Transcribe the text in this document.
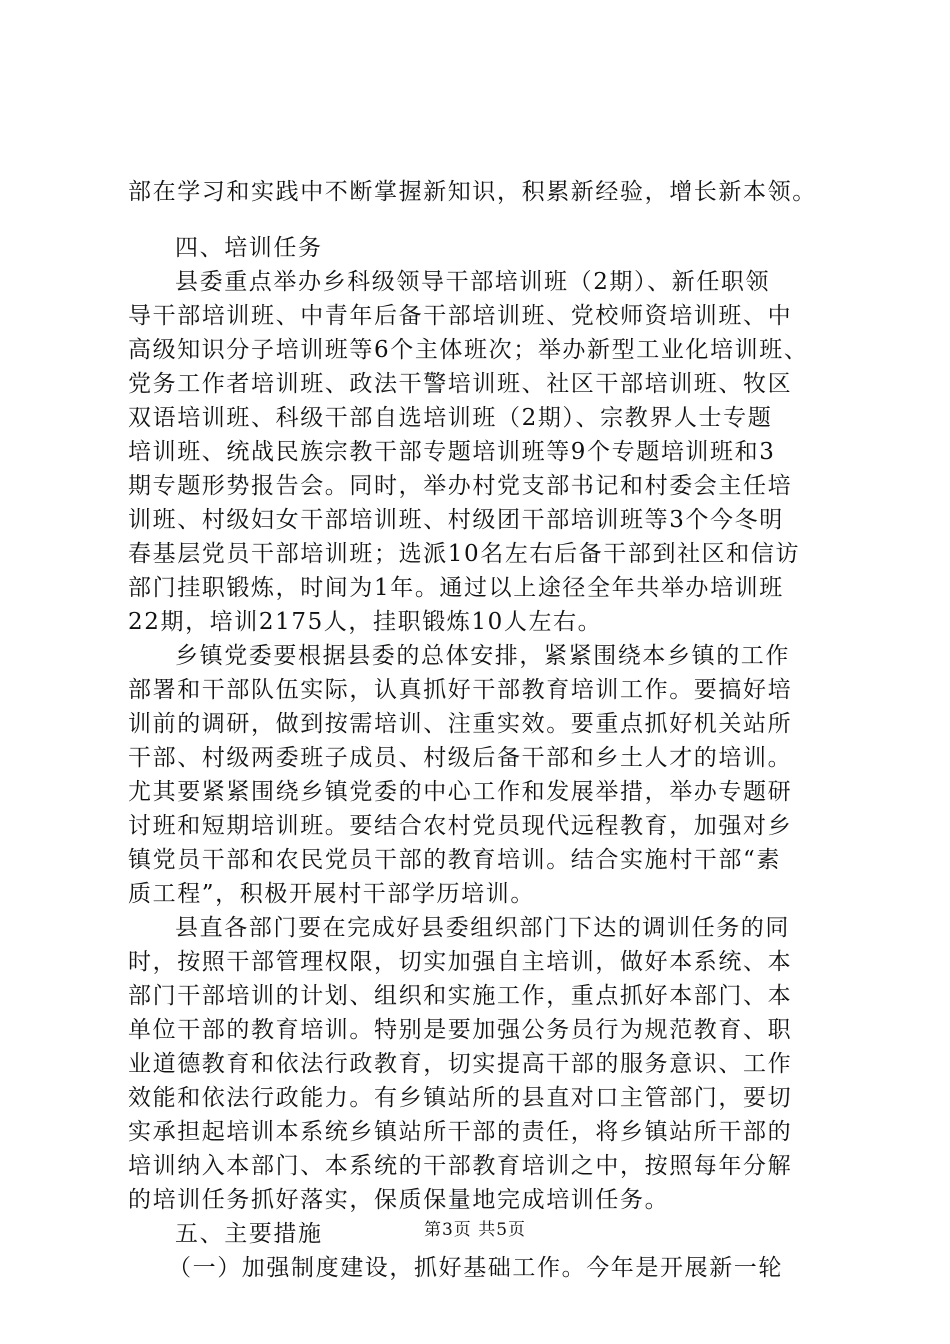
部在学习和实践中不断掌握新知识，积累新经验，增长新本领。
四、培训任务
县委重点举办乡科级领导干部培训班（2期）、新任职领
导干部培训班、中青年后备干部培训班、党校师资培训班、中
高级知识分子培训班等6个主体班次；举办新型工业化培训班、
党务工作者培训班、政法干警培训班、社区干部培训班、牧区
双语培训班、科级干部自选培训班（2期）、宗教界人士专题
培训班、统战民族宗教干部专题培训班等9个专题培训班和3
期专题形势报告会。同时，举办村党支部书记和村委会主任培
训班、村级妇女干部培训班、村级团干部培训班等3个今冬明
春基层党员干部培训班；选派10名左右后备干部到社区和信访
部门挂职锻炼，时间为1年。通过以上途径全年共举办培训班
22期，培训2175人，挂职锻炼10人左右。
乡镇党委要根据县委的总体安排，紧紧围绕本乡镇的工作
部署和干部队伍实际，认真抓好干部教育培训工作。要搞好培
训前的调研，做到按需培训、注重实效。要重点抓好机关站所
干部、村级两委班子成员、村级后备干部和乡土人才的培训。
尤其要紧紧围绕乡镇党委的中心工作和发展举措，举办专题研
讨班和短期培训班。要结合农村党员现代远程教育，加强对乡
镇党员干部和农民党员干部的教育培训。结合实施村干部“素
质工程”，积极开展村干部学历培训。
县直各部门要在完成好县委组织部门下达的调训任务的同
时，按照干部管理权限，切实加强自主培训，做好本系统、本
部门干部培训的计划、组织和实施工作，重点抓好本部门、本
单位干部的教育培训。特别是要加强公务员行为规范教育、职
业道德教育和依法行政教育，切实提高干部的服务意识、工作
效能和依法行政能力。有乡镇站所的县直对口主管部门，要切
实承担起培训本系统乡镇站所干部的责任，将乡镇站所干部的
培训纳入本部门、本系统的干部教育培训之中，按照每年分解
的培训任务抓好落实，保质保量地完成培训任务。
五、主要措施
（一）加强制度建设，抓好基础工作。今年是开展新一轮
第3页 共5页
